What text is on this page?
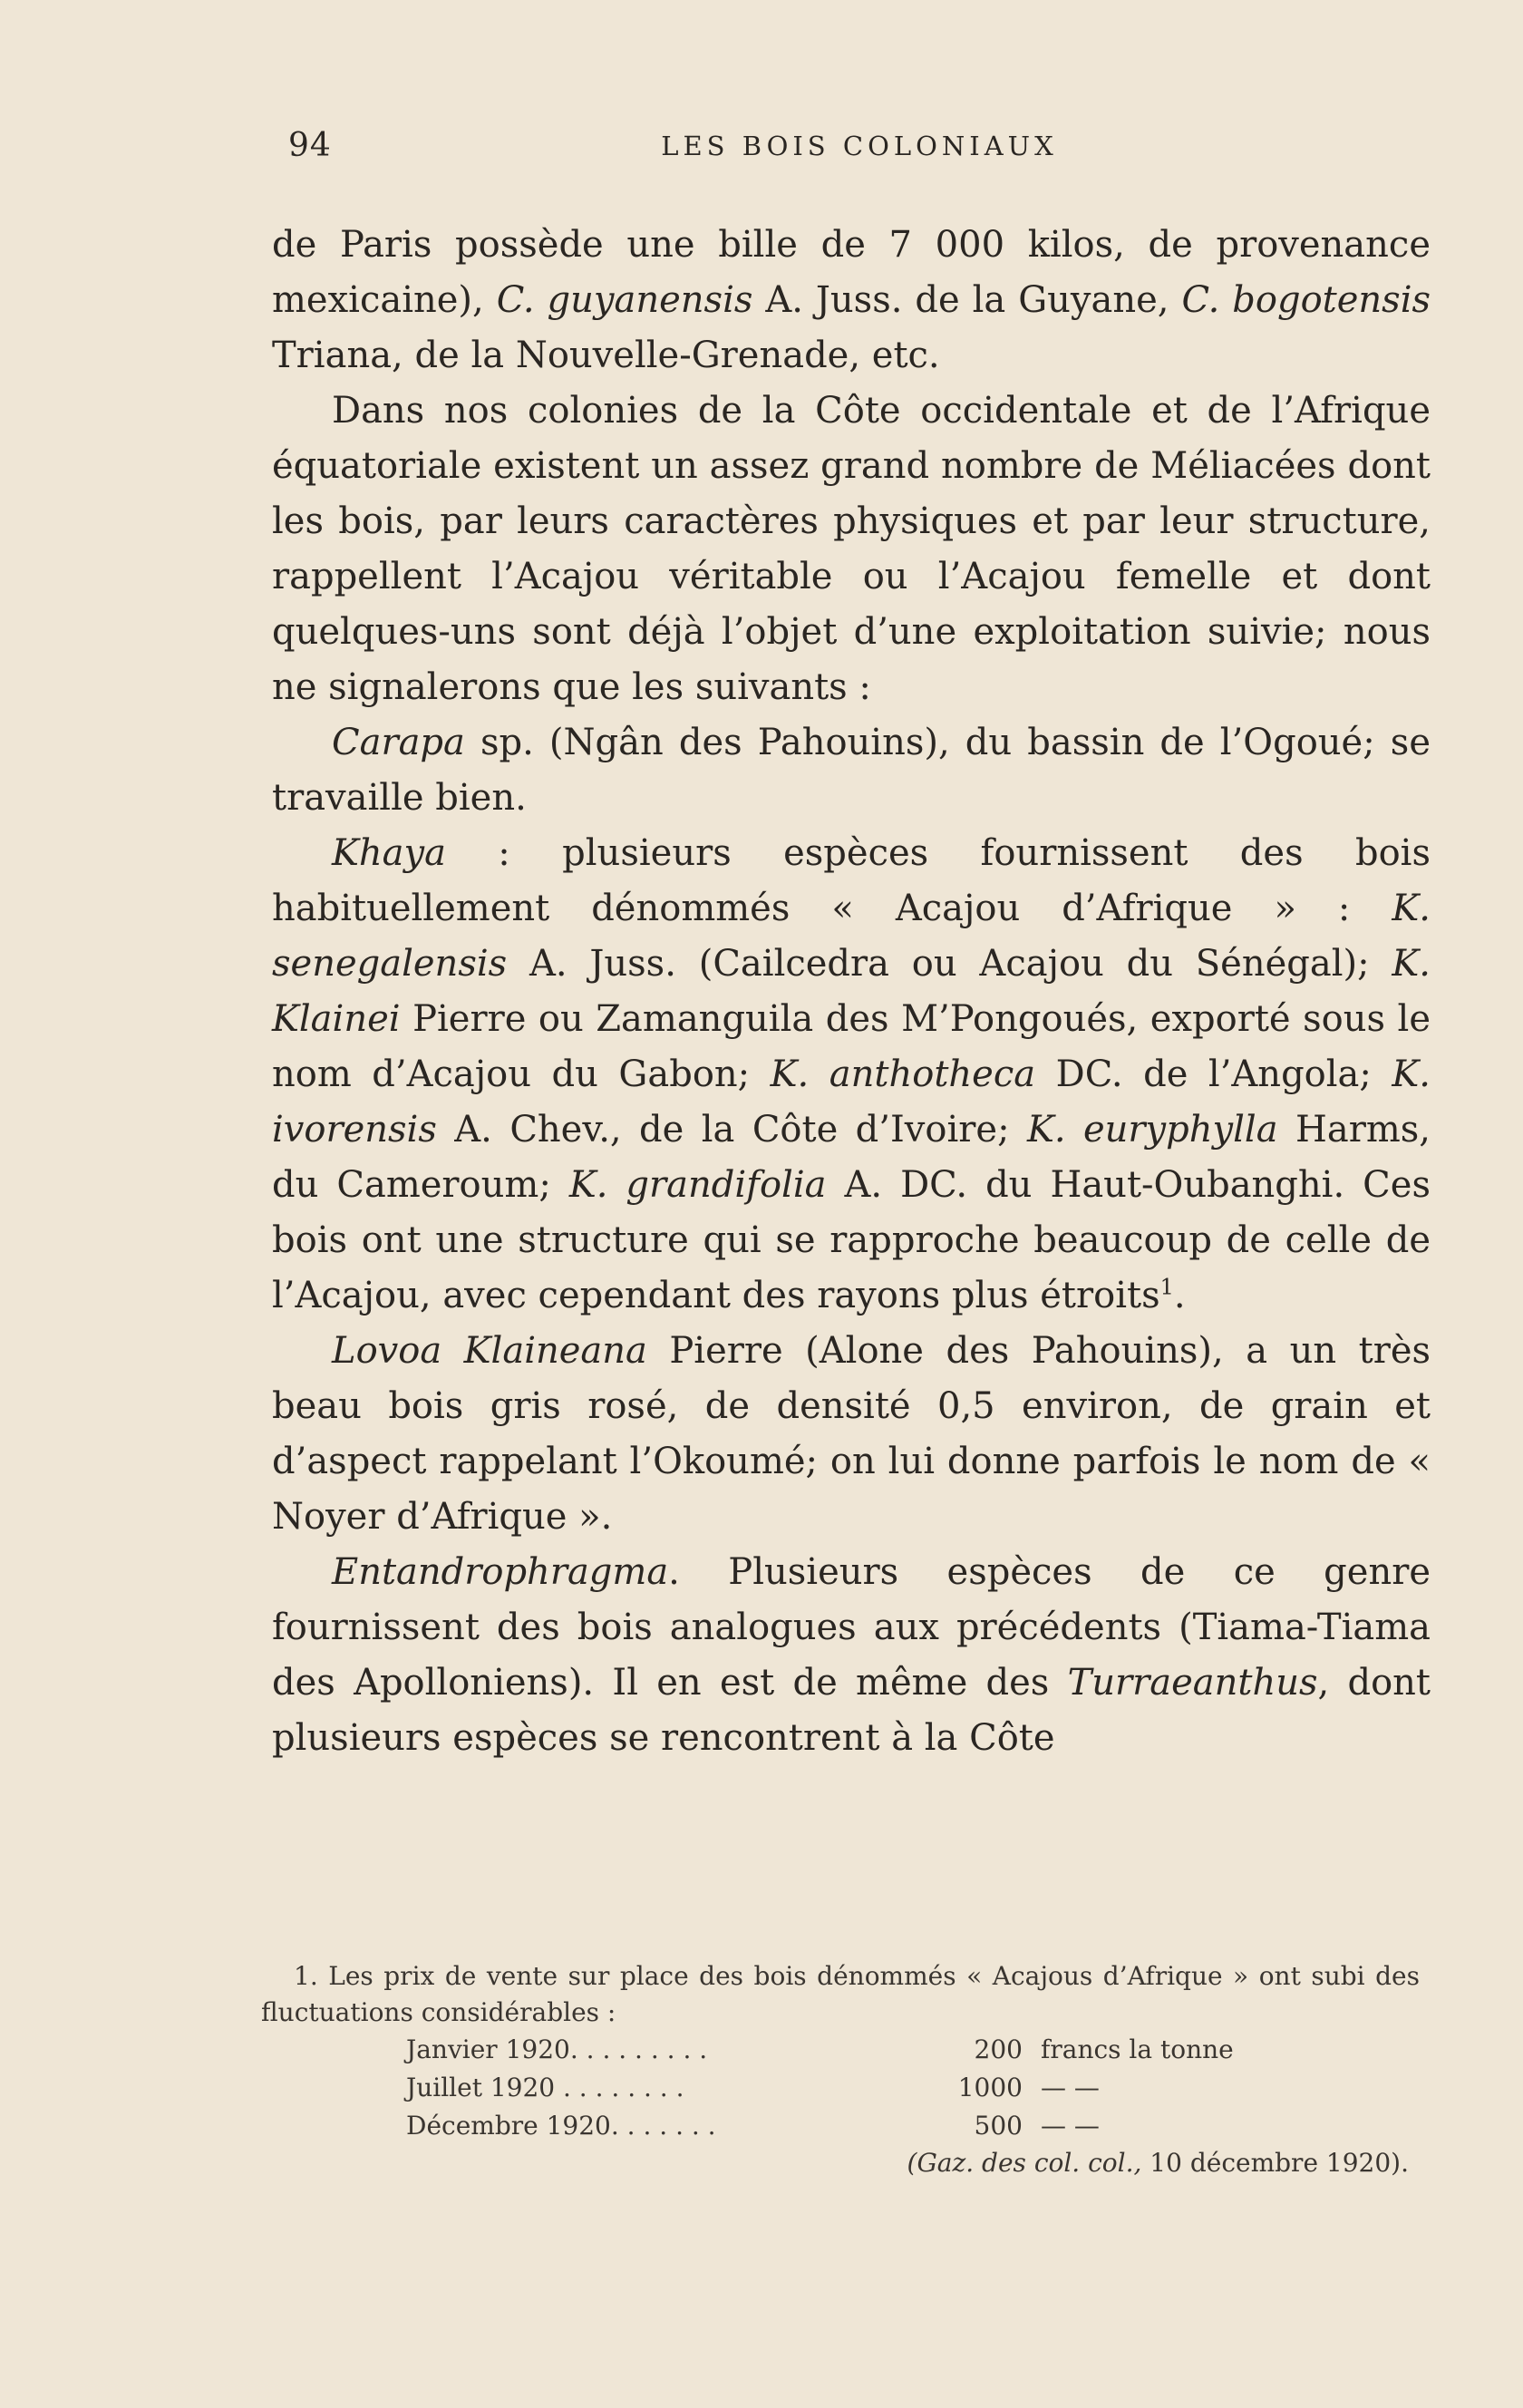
94	LES BOIS COLONIAUX

de Paris possède une bille de 7 000 kilos, de provenance mexicaine), C. guyanensis A. Juss. de la Guyane, C. bogotensis Triana, de la Nouvelle-Grenade, etc.

Dans nos colonies de la Côte occidentale et de l’Afrique équatoriale existent un assez grand nombre de Méliacées dont les bois, par leurs caractères physiques et par leur structure, rappellent l’Acajou véritable ou l’Acajou femelle et dont quelques-uns sont déjà l’objet d’une exploitation suivie; nous ne signalerons que les suivants :

Carapa sp. (Ngân des Pahouins), du bassin de l’Ogoué; se travaille bien.

Khaya : plusieurs espèces fournissent des bois habituellement dénommés « Acajou d’Afrique » : K. senegalensis A. Juss. (Cailcedra ou Acajou du Sénégal); K. Klainei Pierre ou Zamanguila des M’Pongoués, exporté sous le nom d’Acajou du Gabon; K. anthotheca DC. de l’Angola; K. ivorensis A. Chev., de la Côte d’Ivoire; K. euryphylla Harms, du Cameroum; K. grandifolia A. DC. du Haut-Oubanghi. Ces bois ont une structure qui se rapproche beaucoup de celle de l’Acajou, avec cependant des rayons plus étroits$^1$.

Lovoa Klaineana Pierre (Alone des Pahouins), a un très beau bois gris rosé, de densité 0,5 environ, de grain et d’aspect rappelant l’Okoumé; on lui donne parfois le nom de « Noyer d’Afrique ».

Entandrophragma. Plusieurs espèces de ce genre fournissent des bois analogues aux précédents (Tiama-Tiama des Apolloniens). Il en est de même des Turraeanthus, dont plusieurs espèces se rencontrent à la Côte

1. Les prix de vente sur place des bois dénommés « Acajous d’Afrique » ont subi des fluctuations considérables :

Janvier 1920. . . . . . . . .	200	francs la tonne
Juillet 1920 . . . . . . . .	1000	— —
Décembre 1920. . . . . . .	500	— —

(Gaz. des col. col., 10 décembre 1920).
